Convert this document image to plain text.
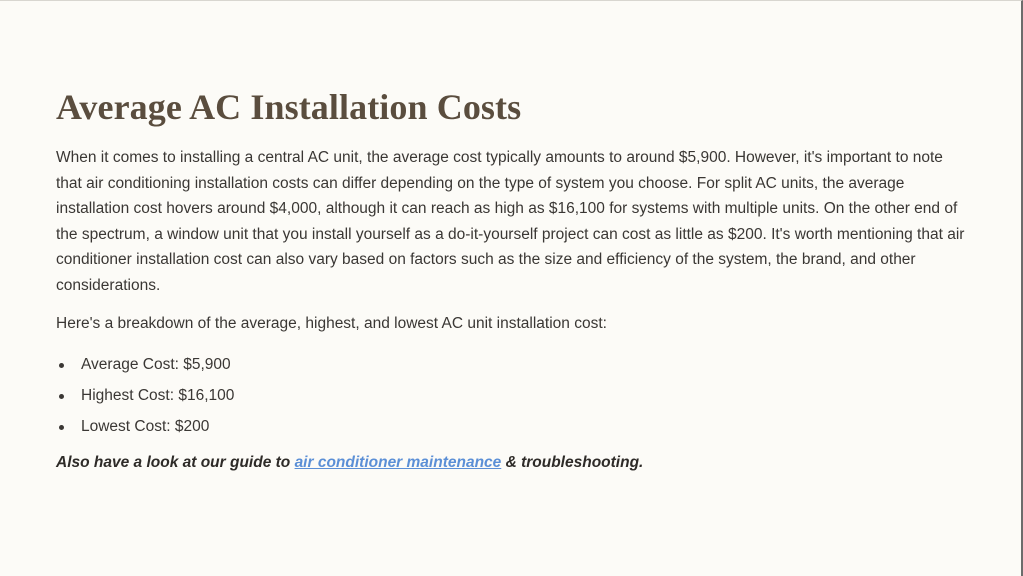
Average AC Installation Costs

When it comes to installing a central AC unit, the average cost typically amounts to around $5,900. However, it's important to note that air conditioning installation costs can differ depending on the type of system you choose. For split AC units, the average installation cost hovers around $4,000, although it can reach as high as $16,100 for systems with multiple units. On the other end of the spectrum, a window unit that you install yourself as a do-it-yourself project can cost as little as $200. It's worth mentioning that air conditioner installation cost can also vary based on factors such as the size and efficiency of the system, the brand, and other considerations.

Here's a breakdown of the average, highest, and lowest AC unit installation cost:

Average Cost: $5,900
Highest Cost: $16,100
Lowest Cost: $200

Also have a look at our guide to air conditioner maintenance & troubleshooting.
